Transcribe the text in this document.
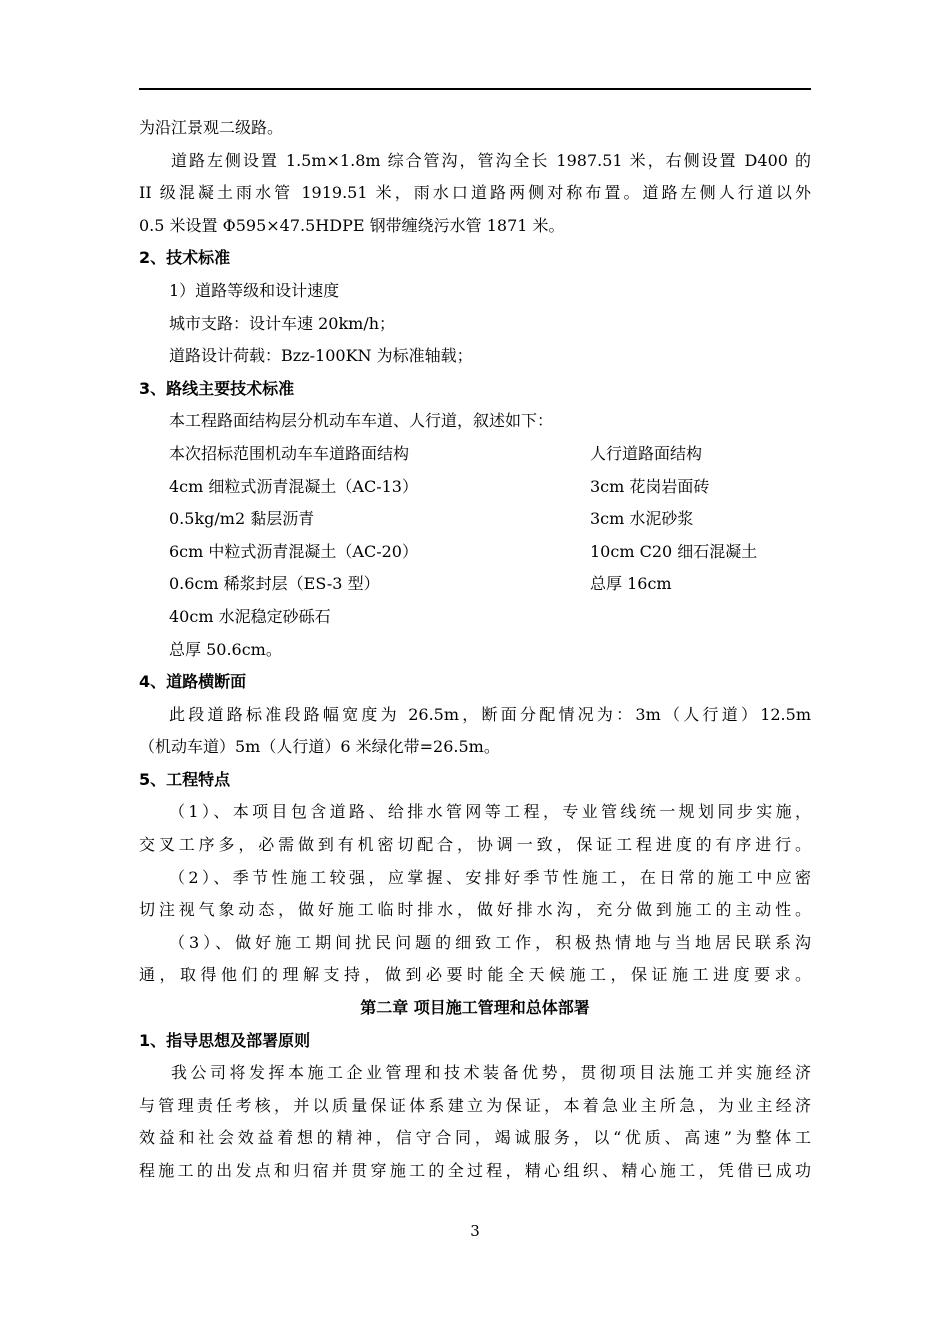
为沿江景观二级路。
道路左侧设置 1.5m×1.8m 综合管沟，管沟全长 1987.51 米，右侧设置 D400 的
II 级混凝土雨水管 1919.51 米，雨水口道路两侧对称布置。道路左侧人行道以外
0.5 米设置 Φ595×47.5HDPE 钢带缠绕污水管 1871 米。
2、技术标准
1）道路等级和设计速度
城市支路：设计车速 20km/h；
道路设计荷载：Bzz-100KN 为标准轴载；
3、路线主要技术标准
本工程路面结构层分机动车车道、人行道，叙述如下：
本次招标范围机动车车道路面结构	人行道路面结构
4cm 细粒式沥青混凝土（AC-13）	3cm 花岗岩面砖
0.5kg/m2 黏层沥青	3cm 水泥砂浆
6cm 中粒式沥青混凝土（AC-20）	10cm C20 细石混凝土
0.6cm 稀浆封层（ES-3 型）	总厚 16cm
40cm 水泥稳定砂砾石
总厚 50.6cm。
4、道路横断面
此段道路标准段路幅宽度为 26.5m，断面分配情况为：3m（人行道）12.5m
（机动车道）5m（人行道）6 米绿化带=26.5m。
5、工程特点
（1）、本项目包含道路、给排水管网等工程，专业管线统一规划同步实施，
交叉工序多，必需做到有机密切配合，协调一致，保证工程进度的有序进行。
（2）、季节性施工较强，应掌握、安排好季节性施工，在日常的施工中应密
切注视气象动态，做好施工临时排水，做好排水沟，充分做到施工的主动性。
（3）、做好施工期间扰民问题的细致工作，积极热情地与当地居民联系沟
通，取得他们的理解支持，做到必要时能全天候施工，保证施工进度要求。
第二章 项目施工管理和总体部署
1、指导思想及部署原则
我公司将发挥本施工企业管理和技术装备优势，贯彻项目法施工并实施经济
与管理责任考核，并以质量保证体系建立为保证，本着急业主所急，为业主经济
效益和社会效益着想的精神，信守合同，竭诚服务，以“优质、高速”为整体工
程施工的出发点和归宿并贯穿施工的全过程，精心组织、精心施工，凭借已成功
3
